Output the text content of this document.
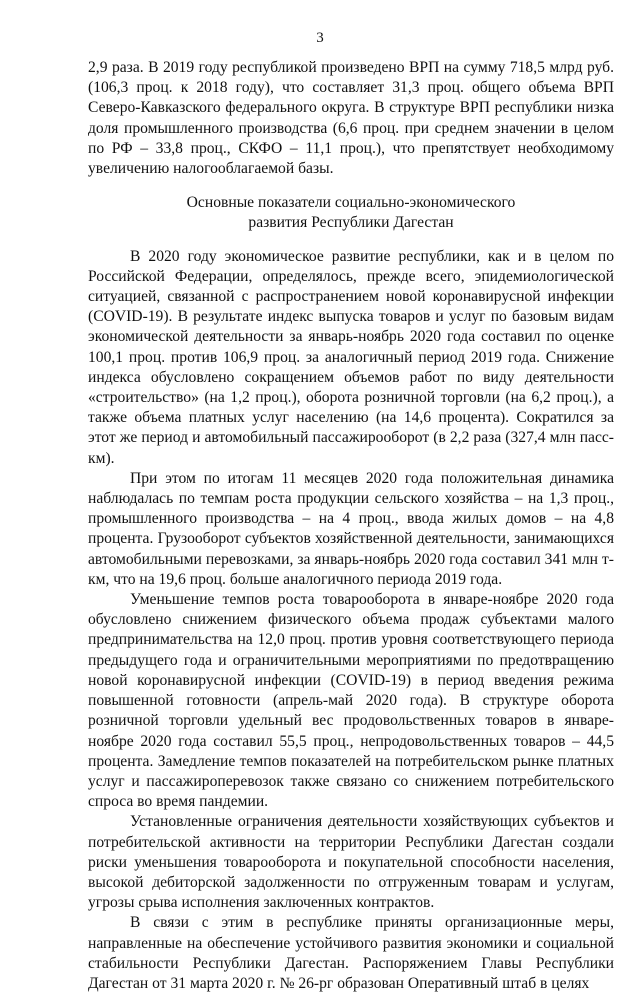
3

2,9 раза. В 2019 году республикой произведено ВРП на сумму 718,5 млрд руб. (106,3 проц. к 2018 году), что составляет 31,3 проц. общего объема ВРП Северо-Кавказского федерального округа. В структуре ВРП республики низка доля промышленного производства (6,6 проц. при среднем значении в целом по РФ – 33,8 проц., СКФО – 11,1 проц.), что препятствует необходимому увеличению налогооблагаемой базы.

Основные показатели социально-экономического
развития Республики Дагестан

В 2020 году экономическое развитие республики, как и в целом по Российской Федерации, определялось, прежде всего, эпидемиологической ситуацией, связанной с распространением новой коронавирусной инфекции (COVID-19). В результате индекс выпуска товаров и услуг по базовым видам экономической деятельности за январь-ноябрь 2020 года составил по оценке 100,1 проц. против 106,9 проц. за аналогичный период 2019 года. Снижение индекса обусловлено сокращением объемов работ по виду деятельности «строительство» (на 1,2 проц.), оборота розничной торговли (на 6,2 проц.), а также объема платных услуг населению (на 14,6 процента). Сократился за этот же период и автомобильный пассажирооборот (в 2,2 раза (327,4 млн пасс-км).

При этом по итогам 11 месяцев 2020 года положительная динамика наблюдалась по темпам роста продукции сельского хозяйства – на 1,3 проц., промышленного производства – на 4 проц., ввода жилых домов – на 4,8 процента. Грузооборот субъектов хозяйственной деятельности, занимающихся автомобильными перевозками, за январь-ноябрь 2020 года составил 341 млн т-км, что на 19,6 проц. больше аналогичного периода 2019 года.

Уменьшение темпов роста товарооборота в январе-ноябре 2020 года обусловлено снижением физического объема продаж субъектами малого предпринимательства на 12,0 проц. против уровня соответствующего периода предыдущего года и ограничительными мероприятиями по предотвращению новой коронавирусной инфекции (COVID-19) в период введения режима повышенной готовности (апрель-май 2020 года). В структуре оборота розничной торговли удельный вес продовольственных товаров в январе-ноябре 2020 года составил 55,5 проц., непродовольственных товаров – 44,5 процента. Замедление темпов показателей на потребительском рынке платных услуг и пассажироперевозок также связано со снижением потребительского спроса во время пандемии.

Установленные ограничения деятельности хозяйствующих субъектов и потребительской активности на территории Республики Дагестан создали риски уменьшения товарооборота и покупательной способности населения, высокой дебиторской задолженности по отгруженным товарам и услугам, угрозы срыва исполнения заключенных контрактов.

В связи с этим в республике приняты организационные меры, направленные на обеспечение устойчивого развития экономики и социальной стабильности Республики Дагестан. Распоряжением Главы Республики Дагестан от 31 марта 2020 г. № 26-рг образован Оперативный штаб в целях
